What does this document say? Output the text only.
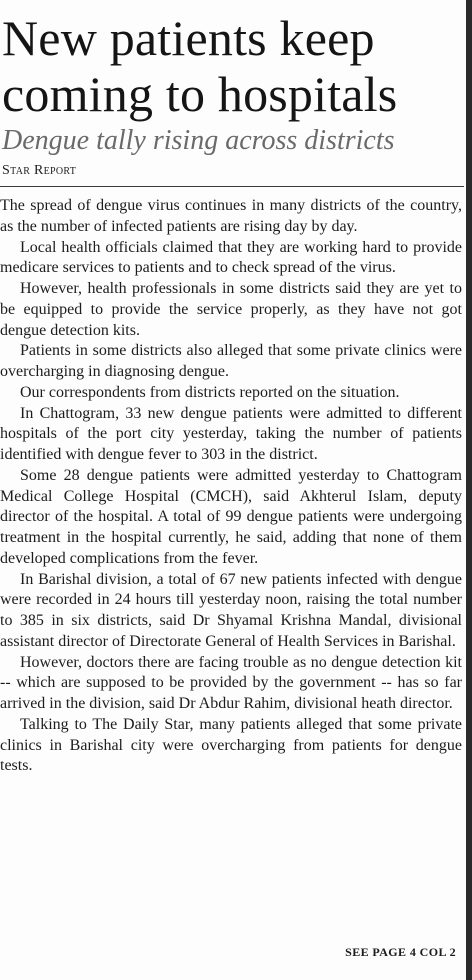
New patients keep coming to hospitals
Dengue tally rising across districts
Star Report

The spread of dengue virus continues in many districts of the country, as the number of infected patients are rising day by day.

Local health officials claimed that they are working hard to provide medicare services to patients and to check spread of the virus.

However, health professionals in some districts said they are yet to be equipped to provide the service properly, as they have not got dengue detection kits.

Patients in some districts also alleged that some private clinics were overcharging in diagnosing dengue.

Our correspondents from districts reported on the situation.

In Chattogram, 33 new dengue patients were admitted to different hospitals of the port city yesterday, taking the number of patients identified with dengue fever to 303 in the district.

Some 28 dengue patients were admitted yesterday to Chattogram Medical College Hospital (CMCH), said Akhterul Islam, deputy director of the hospital. A total of 99 dengue patients were undergoing treatment in the hospital currently, he said, adding that none of them developed complications from the fever.

In Barishal division, a total of 67 new patients infected with dengue were recorded in 24 hours till yesterday noon, raising the total number to 385 in six districts, said Dr Shyamal Krishna Mandal, divisional assistant director of Directorate General of Health Services in Barishal.

However, doctors there are facing trouble as no dengue detection kit -- which are supposed to be provided by the government -- has so far arrived in the division, said Dr Abdur Rahim, divisional heath director.

Talking to The Daily Star, many patients alleged that some private clinics in Barishal city were overcharging from patients for dengue tests.

SEE PAGE 4 COL 2
